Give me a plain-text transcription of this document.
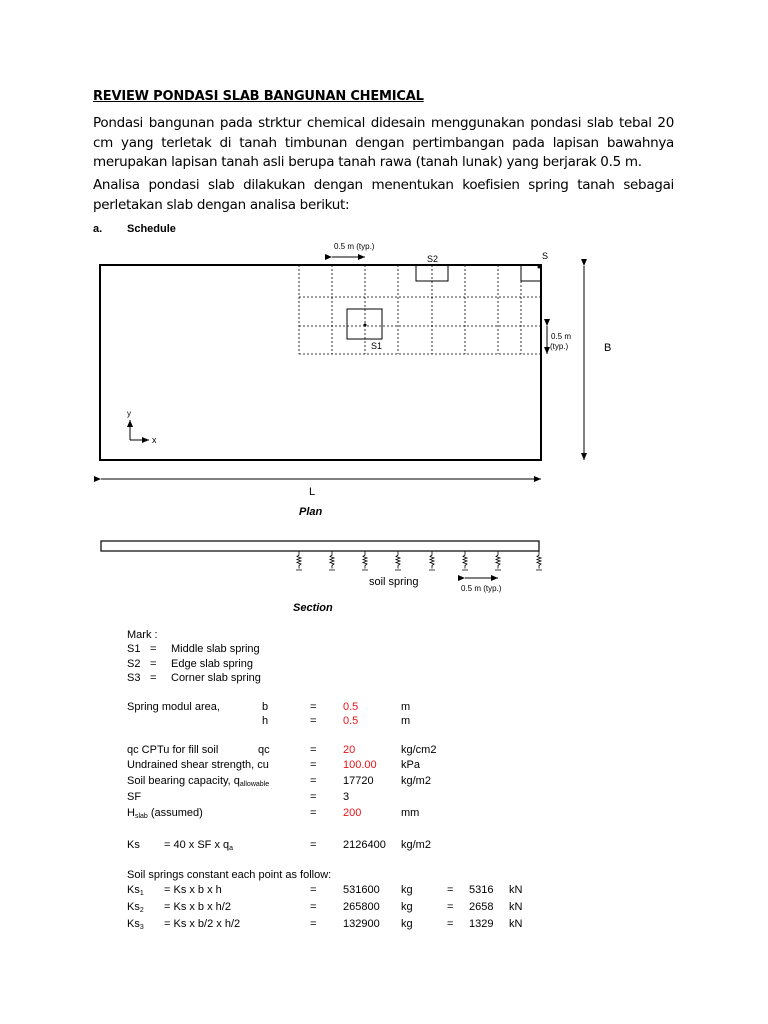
REVIEW PONDASI SLAB BANGUNAN CHEMICAL
Pondasi bangunan pada strktur chemical didesain menggunakan pondasi slab tebal 20 cm yang terletak di tanah timbunan dengan pertimbangan pada lapisan bawahnya merupakan lapisan tanah asli berupa tanah rawa (tanah lunak) yang berjarak 0.5 m.
Analisa pondasi slab dilakukan dengan menentukan koefisien spring tanah sebagai perletakan slab dengan analisa berikut:
a. Schedule
S1
S2	S
0.5 m (typ.)
0.5 m
(typ.)	B
L
y
x
Plan
soil spring
0.5 m (typ.)
Section
Mark :
S1 = Middle slab spring
S2 = Edge slab spring
S3 = Corner slab spring
Spring modul area,	b	= 0.5	m
h	= 0.5	m
qc CPTu for fill soil	qc	= 20	kg/cm2
Undrained shear strength, cu	= 100.00 kPa
Soil bearing capacity, $q_{allowable}$	= 17720 kg/m2
SF	= 3
$H_{slab}$ (assumed)	= 200	mm
Ks = 40 x SF x $q_a$	= 2126400 kg/m2
Soil springs constant each point as follow:
$Ks_1 = Ks$ x b x h	= 531600 kg	= 5316 kN
$Ks_2 = Ks$ x b x h/2	= 265800 kg	= 2658 kN
$Ks_3 = Ks$ x b/2 x h/2	= 132900 kg	= 1329 kN
